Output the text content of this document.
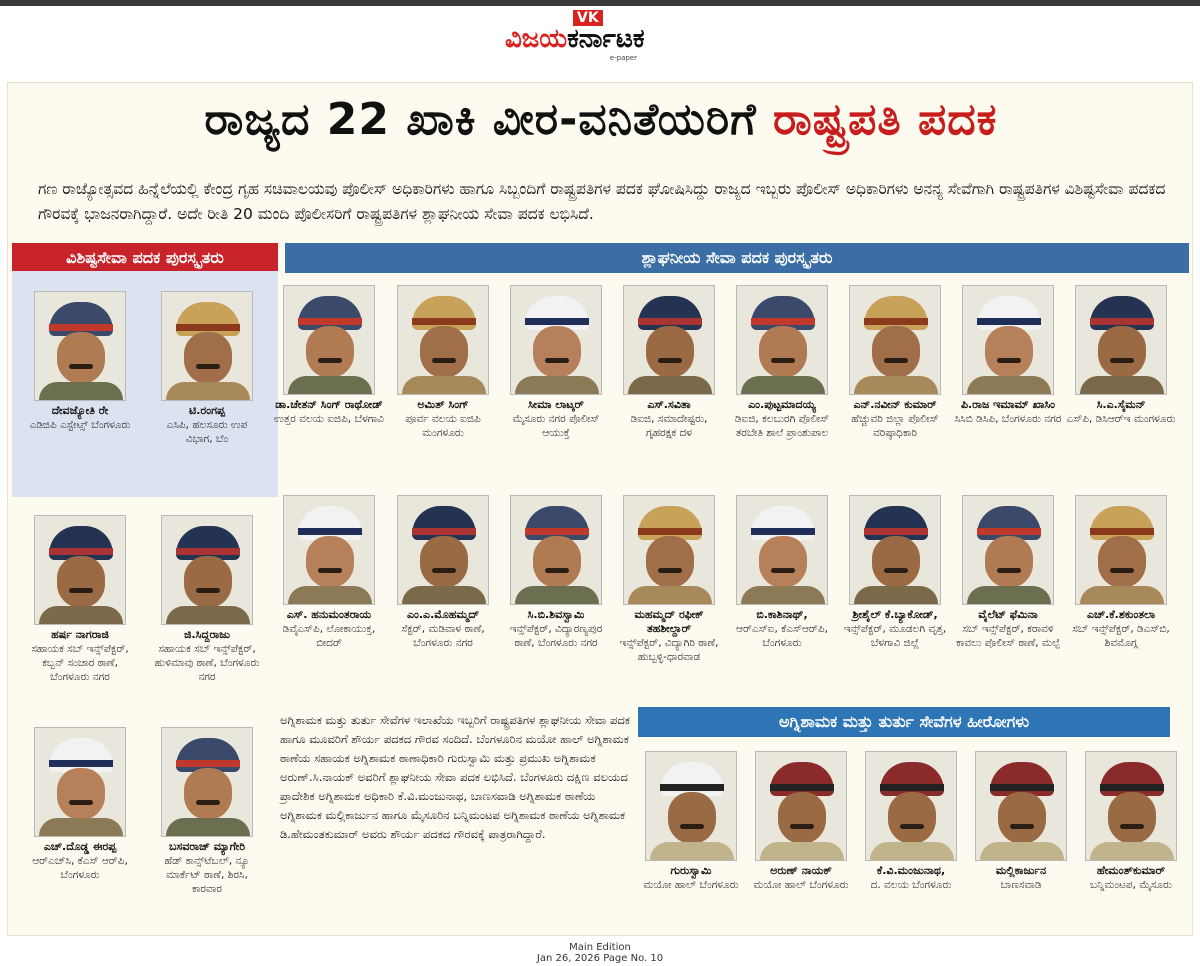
VK
ವಿಜಯಕರ್ನಾಟಕ
e-paper
ರಾಜ್ಯದ 22 ಖಾಕಿ ವೀರ-ವನಿತೆಯರಿಗೆ ರಾಷ್ಟ್ರಪತಿ ಪದಕ
ಗಣ ರಾಜ್ಯೋತ್ಸವದ ಹಿನ್ನೆಲೆಯಲ್ಲಿ ಕೇಂದ್ರ ಗೃಹ ಸಚಿವಾಲಯವು ಪೊಲೀಸ್ ಅಧಿಕಾರಿಗಳು ಹಾಗೂ ಸಿಬ್ಬಂದಿಗೆ ರಾಷ್ಟ್ರಪತಿಗಳ ಪದಕ ಘೋಷಿಸಿದ್ದು ರಾಜ್ಯದ ಇಬ್ಬರು ಪೊಲೀಸ್ ಅಧಿಕಾರಿಗಳು ಅನನ್ಯ ಸೇವೆಗಾಗಿ ರಾಷ್ಟ್ರಪತಿಗಳ ವಿಶಿಷ್ಟಸೇವಾ ಪದಕದ ಗೌರವಕ್ಕೆ ಭಾಜನರಾಗಿದ್ದಾರೆ. ಅದೇ ರೀತಿ 20 ಮಂದಿ ಪೊಲೀಸರಿಗೆ ರಾಷ್ಟ್ರಪತಿಗಳ ಶ್ಲಾಘನೀಯ ಸೇವಾ ಪದಕ ಲಭಿಸಿದೆ.
ವಿಶಿಷ್ಟಸೇವಾ ಪದಕ ಪುರಸ್ಕೃತರು	ಶ್ಲಾಘನೀಯ ಸೇವಾ ಪದಕ ಪುರಸ್ಕೃತರು
ಅಗ್ನಿಶಾಮಕ ಮತ್ತು ತುರ್ತು ಸೇವೆಗಳ ಹೀರೋಗಳು
ದೇವಜ್ಯೋತಿ ರೇ
ಎಡಿಜಿಪಿ ಎಸ್ಟೇಟ್ಸ್ ಬೆಂಗಳೂರು
ಟಿ.ರಂಗಪ್ಪ
ಎಸಿಪಿ, ಹಲಸೂರು ಉಪ ವಿಭಾಗ, ಬೆಂ
ಹರ್ಷ ನಾಗರಾಜಿ
ಸಹಾಯಕ ಸಬ್ ಇನ್ಸ್‌ಪೆಕ್ಟರ್, ಕಬ್ಬನ್ ಸಂಚಾರ ಠಾಣೆ, ಬೆಂಗಳೂರು ನಗರ
ಜಿ.ಸಿದ್ದರಾಜು
ಸಹಾಯಕ ಸಬ್ ಇನ್ಸ್‌ಪೆಕ್ಟರ್, ಹುಳಿಮಾವು ಠಾಣೆ, ಬೆಂಗಳೂರು ನಗರ
ಎಚ್.ದೊಡ್ಡ ಈರಪ್ಪ
ಆರ್‌ಎಚ್‌ಸಿ, ಕೆಎಸ್ ಆರ್‌ಪಿ, ಬೆಂಗಳೂರು
ಬಸವರಾಜ್ ಮ್ಯಾಗೇರಿ
ಹೆಡ್ ಕಾನ್ಸ್‌ಟೆಬಲ್, ನ್ಯೂ ಮಾರ್ಕೆಟ್ ಠಾಣೆ, ಶಿರಸಿ, ಕಾರವಾರ
ಡಾ.ಚೇತನ್ ಸಿಂಗ್ ರಾಥೋಡ್
ಉತ್ತರ ವಲಯ ಐಜಿಪಿ, ಬೆಳಗಾವಿ
ಅಮಿತ್ ಸಿಂಗ್
ಪೂರ್ವ ವಲಯ ಐಜಿಪಿ ಮಂಗಳೂರು
ಸೀಮಾ ಲಾಟ್ಕರ್
ಮೈಸೂರು ನಗರ ಪೊಲೀಸ್ ಆಯುಕ್ತೆ
ಎಸ್.ಸವಿತಾ
ಡಿಐಜಿ, ಸಮಾದೇಷ್ಟರು, ಗೃಹರಕ್ಷಕ ದಳ
ಎಂ.ಪುಟ್ಟಮಾದಯ್ಯ
ಡಿಐಜಿ, ಕಲಬುರಗಿ ಪೊಲೀಸ್ ತರಬೇತಿ ಶಾಲೆ ಪ್ರಾಂಶುಪಾಲ
ಎನ್.ನವೀನ್ ಕುಮಾರ್
ಹೆಚ್ಚುವರಿ ಜಿಲ್ಲಾ ಪೊಲೀಸ್ ವರಿಷ್ಠಾಧಿಕಾರಿ
ಪಿ.ರಾಜ ಇಮಾಮ್ ಖಾಸಿಂ
ಸಿಸಿಬಿ ಡಿಸಿಪಿ, ಬೆಂಗಳೂರು ನಗರ
ಸಿ.ಎ.ಸೈಮನ್
ಎಸ್‌ಪಿ, ಡಿಸಿಆರ್‌ಇ ಮಂಗಳೂರು
ಎಸ್. ಹನುಮಂತರಾಯ
ಡಿವೈಎಸ್‌ಪಿ, ಲೋಕಾಯುಕ್ತ, ಬೀದರ್
ಎಂ.ಎ.ಮೊಹಮ್ಮದ್
ಸೆಕ್ಟರ್, ಮಡಿವಾಳ ಠಾಣೆ, ಬೆಂಗಳೂರು ನಗರ
ಸಿ.ಬಿ.ಶಿವಸ್ವಾಮಿ
ಇನ್ಸ್‌ಪೆಕ್ಟರ್, ವಿದ್ಯಾರಣ್ಯಪುರ ಠಾಣೆ, ಬೆಂಗಳೂರು ನಗರ
ಮಹಮ್ಮದ್ ರಫೀಕ್ ತಹಶೀಲ್ದಾರ್
ಇನ್ಸ್‌ಪೆಕ್ಟರ್, ವಿದ್ಯಾಗಿರಿ ಠಾಣೆ, ಹುಬ್ಬಳ್ಳಿ-ಧಾರವಾಡ
ಬಿ.ಕಾಶಿನಾಥ್,
ಆರ್‌ಎಸ್‌ಐ, ಕೆಎಸ್‌ಆರ್‌ಪಿ, ಬೆಂಗಳೂರು
ಶ್ರೀಶೈಲ್ ಕೆ.ಬ್ಯಾಕೋಡ್,
ಇನ್ಸ್‌ಪೆಕ್ಟರ್, ಮೂಡಲಗಿ ವೃತ್ತ, ಬೆಳಗಾವಿ ಜಿಲ್ಲೆ
ವೈಲೆಟ್ ಫೆಮಿನಾ
ಸಬ್ ಇನ್ಸ್‌ಪೆಕ್ಟರ್, ಕರಾವಳಿ ಕಾವಲು ಪೊಲೀಸ್ ಠಾಣೆ, ಮಲ್ಪೆ
ಎಚ್.ಕೆ.ಶಕುಂತಲಾ
ಸಬ್ ಇನ್ಸ್‌ಪೆಕ್ಟರ್, ಡಿಎಸ್‌ಬಿ, ಶಿವಮೊಗ್ಗ
ಗುರುಸ್ವಾಮಿ
ಮಯೋ ಹಾಲ್ ಬೆಂಗಳೂರು
ಅರುಣ್ ನಾಯಕ್
ಮಯೋ ಹಾಲ್ ಬೆಂಗಳೂರು
ಕೆ.ವಿ.ಮಂಜುನಾಥ,
ದ. ವಲಯ ಬೆಂಗಳೂರು
ಮಲ್ಲಿಕಾರ್ಜುನ
ಬಾಣಸವಾಡಿ
ಹೇಮಂತ್‌ಕುಮಾರ್
ಬನ್ನಿಮಂಟಪ, ಮೈಸೂರು
ಅಗ್ನಿಶಾಮಕ ಮತ್ತು ತುರ್ತು ಸೇವೆಗಳ ಇಲಾಖೆಯ ಇಬ್ಬರಿಗೆ ರಾಷ್ಟ್ರಪತಿಗಳ ಶ್ಲಾಘನೀಯ ಸೇವಾ ಪದಕ ಹಾಗೂ ಮೂವರಿಗೆ ಶೌರ್ಯ ಪದಕದ ಗೌರವ ಸಂದಿದೆ. ಬೆಂಗಳೂರಿನ ಮಯೋ ಹಾಲ್ ಅಗ್ನಿಶಾಮಕ ಠಾಣೆಯ ಸಹಾಯಕ ಅಗ್ನಿಶಾಮಕ ಠಾಣಾಧಿಕಾರಿ ಗುರುಸ್ವಾಮಿ ಮತ್ತು ಪ್ರಮುಖ ಅಗ್ನಿಶಾಮಕ ಅರುಣ್.ಸಿ.ನಾಯಕ್ ಅವರಿಗೆ ಶ್ಲಾಘನೀಯ ಸೇವಾ ಪದಕ ಲಭಿಸಿದೆ. ಬೆಂಗಳೂರು ದಕ್ಷಿಣ ವಲಯದ ಪ್ರಾದೇಶಿಕ ಅಗ್ನಿಶಾಮಕ ಅಧಿಕಾರಿ ಕೆ.ವಿ.ಮಂಜುನಾಥ, ಬಾಣಸವಾಡಿ ಅಗ್ನಿಶಾಮಕ ಠಾಣೆಯ ಅಗ್ನಿಶಾಮಕ ಮಲ್ಲಿಕಾರ್ಜುನ ಹಾಗೂ ಮೈಸೂರಿನ ಬನ್ನಿಮಂಟಪ ಅಗ್ನಿಶಾಮಕ ಠಾಣೆಯ ಅಗ್ನಿಶಾಮಕ ಡಿ.ಹೇಮಂತಕುಮಾರ್ ಅವರು ಶೌರ್ಯ ಪದಕದ ಗೌರವಕ್ಕೆ ಪಾತ್ರರಾಗಿದ್ದಾರೆ.
Main Edition
Jan 26, 2026 Page No. 10
